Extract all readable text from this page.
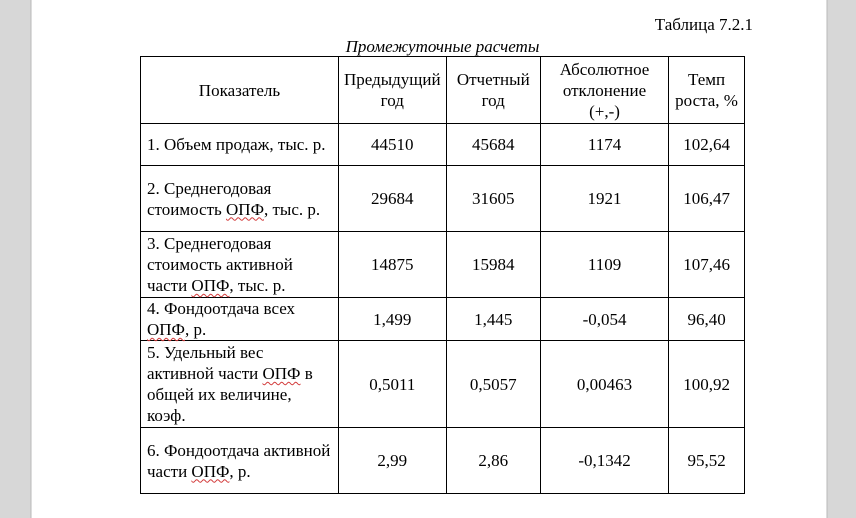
Таблица 7.2.1
Промежуточные расчеты
Показатель	Предыдущий год	Отчетный год	Абсолютное отклонение (+,-)	Темп роста, %
1. Объем продаж, тыс. р.	44510	45684	1174	102,64
2. Среднегодовая стоимость ОПФ, тыс. р.	29684	31605	1921	106,47
3. Среднегодовая стоимость активной части ОПФ, тыс. р.	14875	15984	1109	107,46
4. Фондоотдача всех ОПФ, р.	1,499	1,445	-0,054	96,40
5. Удельный вес активной части ОПФ в общей их величине, коэф.	0,5011	0,5057	0,00463	100,92
6. Фондоотдача активной части ОПФ, р.	2,99	2,86	-0,1342	95,52
